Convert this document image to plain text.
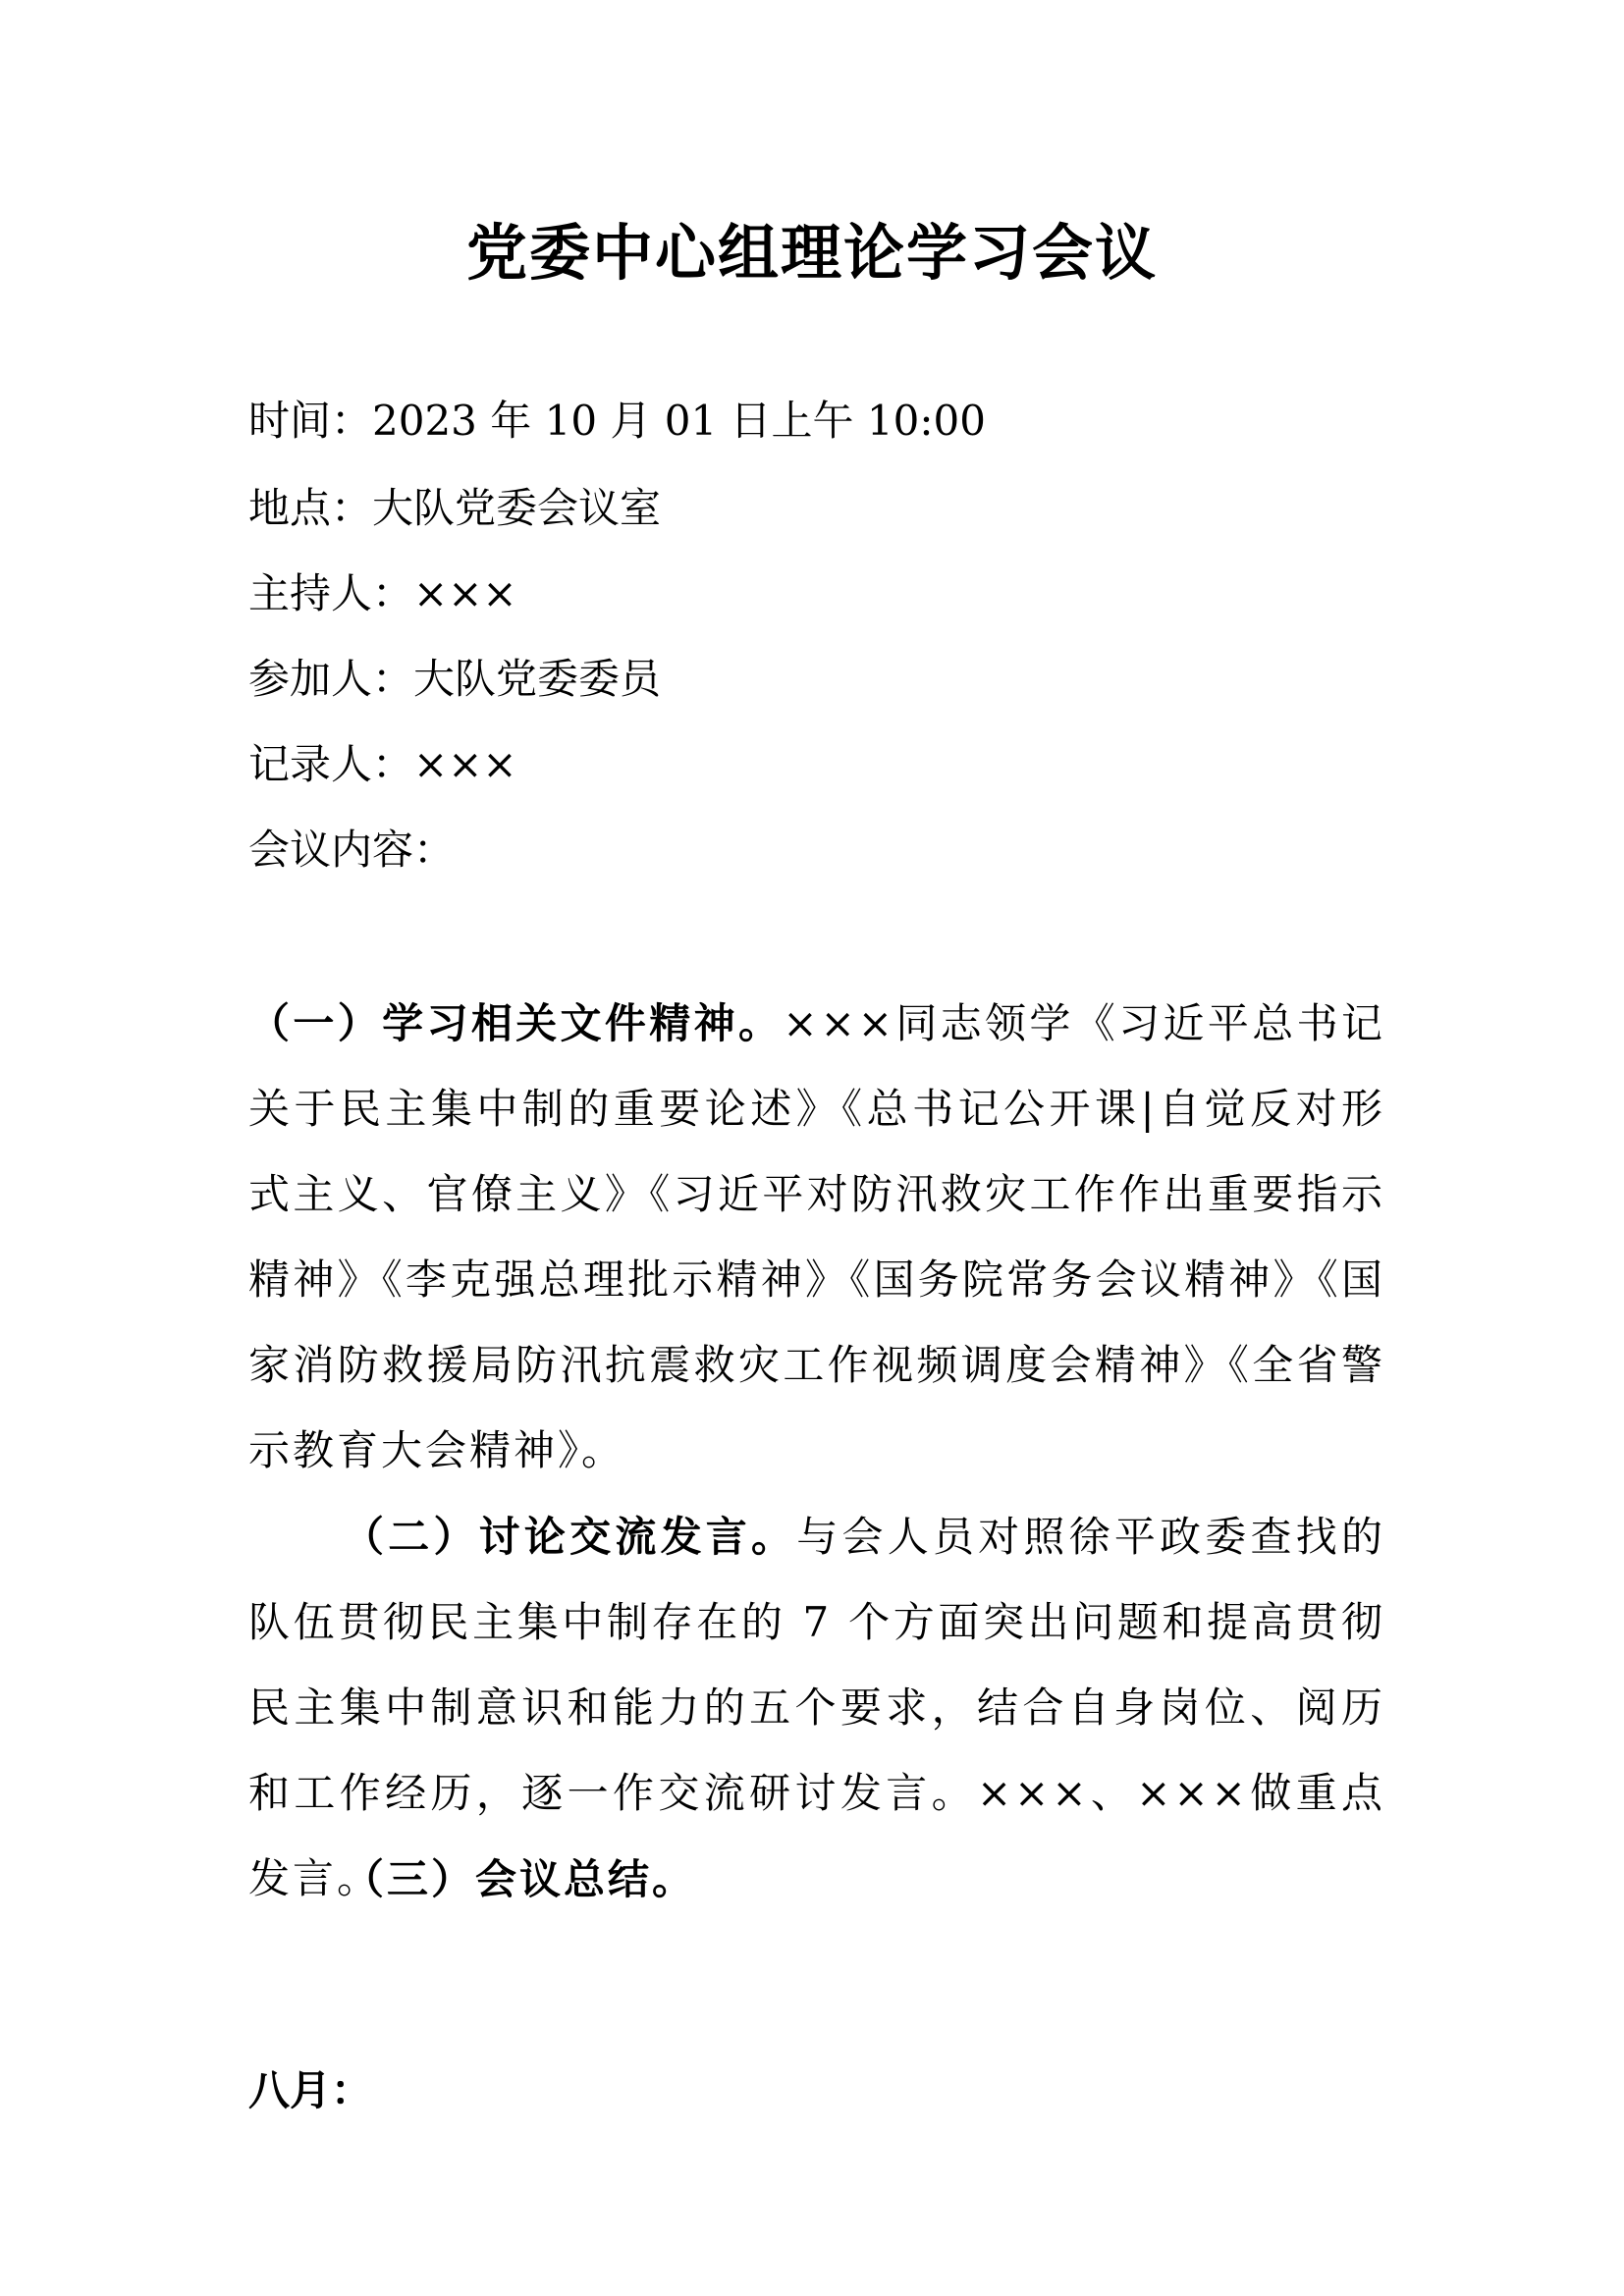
党委中心组理论学习会议
时间：2023 年 10 月 01 日上午 10:00
地点：大队党委会议室
主持人：×××
参加人：大队党委委员
记录人：×××
会议内容：

（一）学习相关文件精神。×××同志领学《习近平总书记关于民主集中制的重要论述》《总书记公开课|自觉反对形式主义、官僚主义》《习近平对防汛救灾工作作出重要指示精神》《李克强总理批示精神》《国务院常务会议精神》《国家消防救援局防汛抗震救灾工作视频调度会精神》《全省警示教育大会精神》。

（二）讨论交流发言。与会人员对照徐平政委查找的队伍贯彻民主集中制存在的 7 个方面突出问题和提高贯彻民主集中制意识和能力的五个要求，结合自身岗位、阅历和工作经历，逐一作交流研讨发言。×××、×××做重点发言。

（三）会议总结。

八月：
